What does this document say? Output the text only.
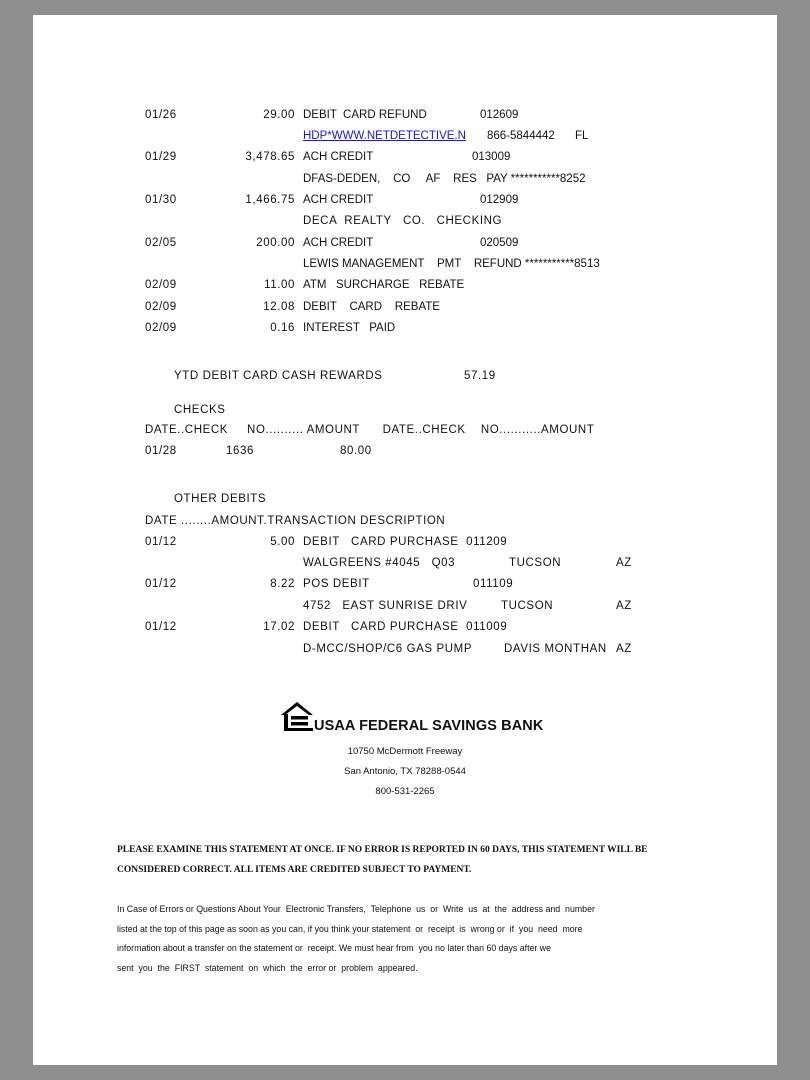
01/26	29.00 DEBIT  CARD REFUND	012609
HDP*WWW.NETDETECTIVE.N 866-5844442 FL
01/29	3,478.65 ACH CREDIT	013009
DFAS-DEDEN,    CO     AF    RES   PAY ***********8252
01/30	1,466.75 ACH CREDIT	012909
DECA  REALTY   CO.   CHECKING
02/05	200.00 ACH CREDIT	020509
LEWIS MANAGEMENT    PMT    REFUND ***********8513
02/09	11.00 ATM   SURCHARGE   REBATE
02/09	12.08 DEBIT    CARD    REBATE
02/09	0.16 INTEREST   PAID
YTD DEBIT CARD CASH REWARDS	57.19
CHECKS
DATE..CHECK     NO.......... AMOUNT      DATE..CHECK    NO...........AMOUNT
01/28	1636	80.00
OTHER DEBITS
DATE ........AMOUNT.TRANSACTION DESCRIPTION
01/12	5.00 DEBIT   CARD PURCHASE  011209
WALGREENS #4045   Q03	TUCSON	AZ
01/12	8.22 POS DEBIT	011109
4752   EAST SUNRISE DRIV	TUCSON	AZ
01/12	17.02 DEBIT   CARD PURCHASE  011009
D-MCC/SHOP/C6 GAS PUMP	DAVIS MONTHAN AZ
USAA FEDERAL SAVINGS BANK
10750 McDermott Freeway
San Antonio, TX 78288-0544
800-531-2265
PLEASE EXAMINE THIS STATEMENT AT ONCE. IF NO ERROR IS REPORTED IN 60 DAYS, THIS STATEMENT WILL BE
CONSIDERED CORRECT. ALL ITEMS ARE CREDITED SUBJECT TO PAYMENT.
In Case of Errors or Questions About Your  Electronic Transfers,  Telephone  us  or  Write  us  at  the  address and  number
listed at the top of this page as soon as you can, if you think your statement  or  receipt  is  wrong or  if  you  need  more
information about a transfer on the statement or  receipt. We must hear from  you no later than 60 days after we
sent  you  the  FIRST  statement  on  which  the  error or  problem  appeared.
